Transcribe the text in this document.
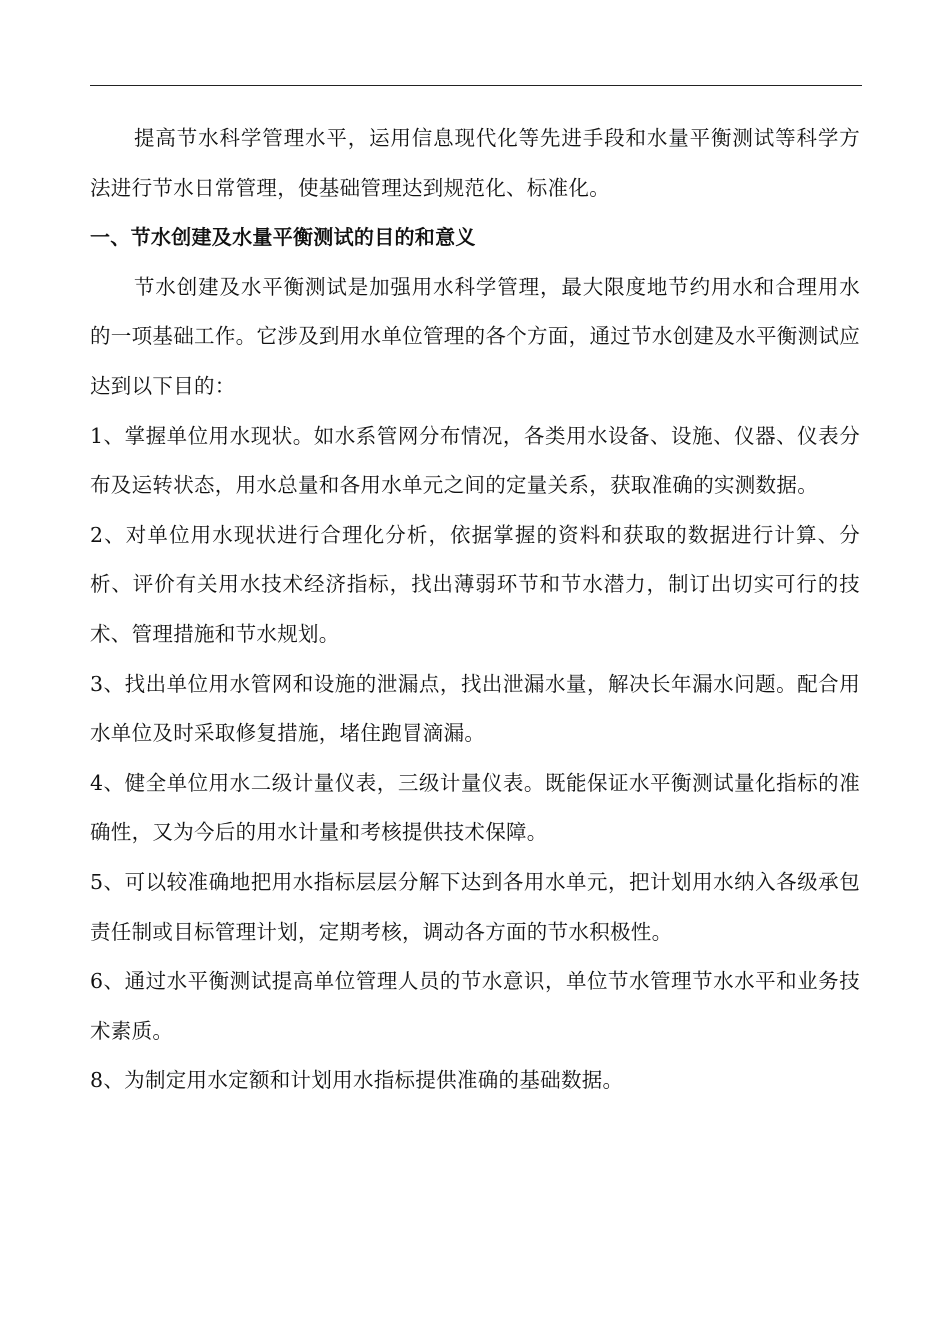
提高节水科学管理水平，运用信息现代化等先进手段和水量平衡测试等科学方法进行节水日常管理，使基础管理达到规范化、标准化。

一、节水创建及水量平衡测试的目的和意义

节水创建及水平衡测试是加强用水科学管理，最大限度地节约用水和合理用水的一项基础工作。它涉及到用水单位管理的各个方面，通过节水创建及水平衡测试应达到以下目的：

1、掌握单位用水现状。如水系管网分布情况，各类用水设备、设施、仪器、仪表分布及运转状态，用水总量和各用水单元之间的定量关系，获取准确的实测数据。

2、对单位用水现状进行合理化分析，依据掌握的资料和获取的数据进行计算、分析、评价有关用水技术经济指标，找出薄弱环节和节水潜力，制订出切实可行的技术、管理措施和节水规划。

3、找出单位用水管网和设施的泄漏点，找出泄漏水量，解决长年漏水问题。配合用水单位及时采取修复措施，堵住跑冒滴漏。

4、健全单位用水二级计量仪表，三级计量仪表。既能保证水平衡测试量化指标的准确性，又为今后的用水计量和考核提供技术保障。

5、可以较准确地把用水指标层层分解下达到各用水单元，把计划用水纳入各级承包责任制或目标管理计划，定期考核，调动各方面的节水积极性。

6、通过水平衡测试提高单位管理人员的节水意识，单位节水管理节水水平和业务技术素质。

8、为制定用水定额和计划用水指标提供准确的基础数据。
